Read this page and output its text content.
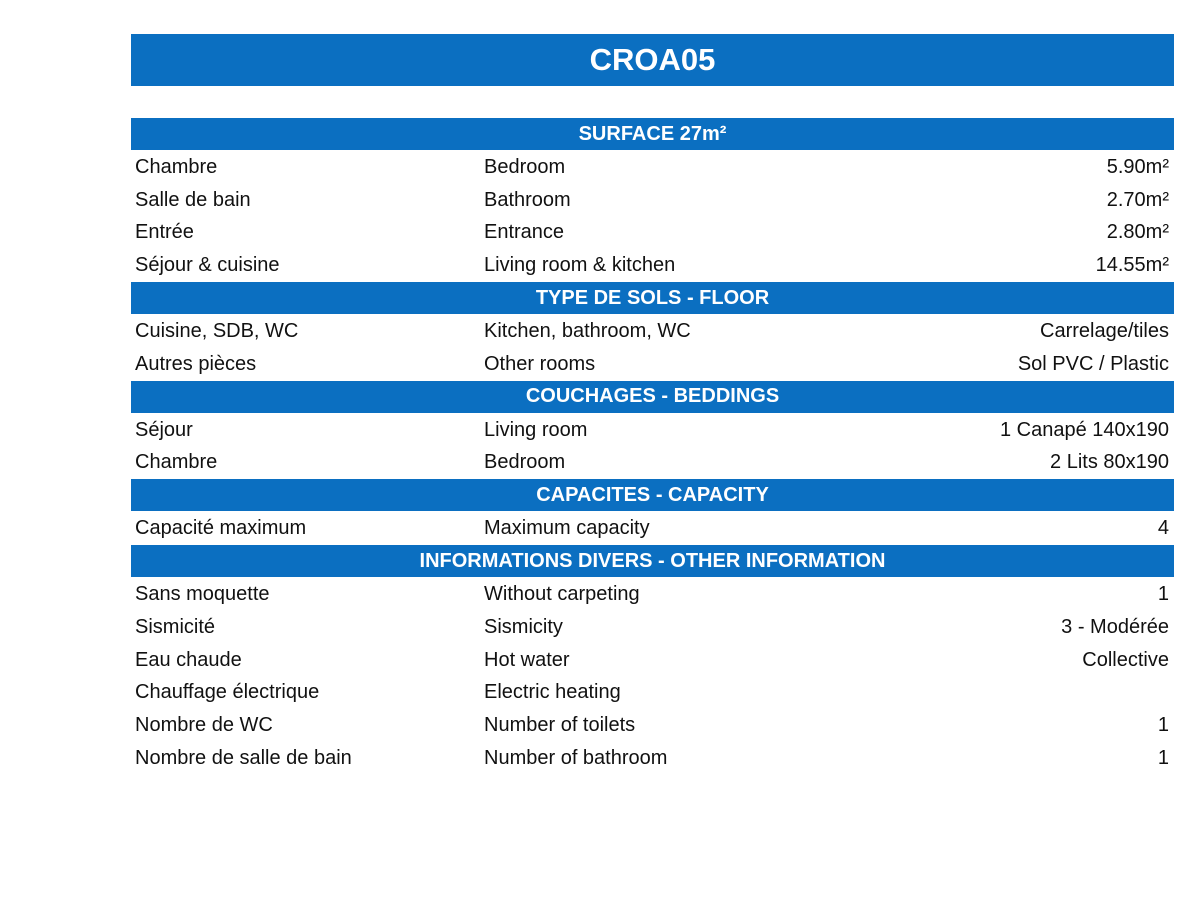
CROA05
SURFACE 27m²
Chambre	Bedroom	5.90m²
Salle de bain	Bathroom	2.70m²
Entrée	Entrance	2.80m²
Séjour & cuisine	Living room & kitchen	14.55m²
TYPE DE SOLS - FLOOR
Cuisine, SDB, WC	Kitchen, bathroom, WC	Carrelage/tiles
Autres pièces	Other rooms	Sol PVC / Plastic
COUCHAGES - BEDDINGS
Séjour	Living room	1 Canapé 140x190
Chambre	Bedroom	2 Lits 80x190
CAPACITES - CAPACITY
Capacité maximum	Maximum capacity	4
INFORMATIONS DIVERS - OTHER INFORMATION
Sans moquette	Without carpeting	1
Sismicité	Sismicity	3 - Modérée
Eau chaude	Hot water	Collective
Chauffage électrique	Electric heating
Nombre de WC	Number of toilets	1
Nombre de salle de bain	Number of bathroom	1
